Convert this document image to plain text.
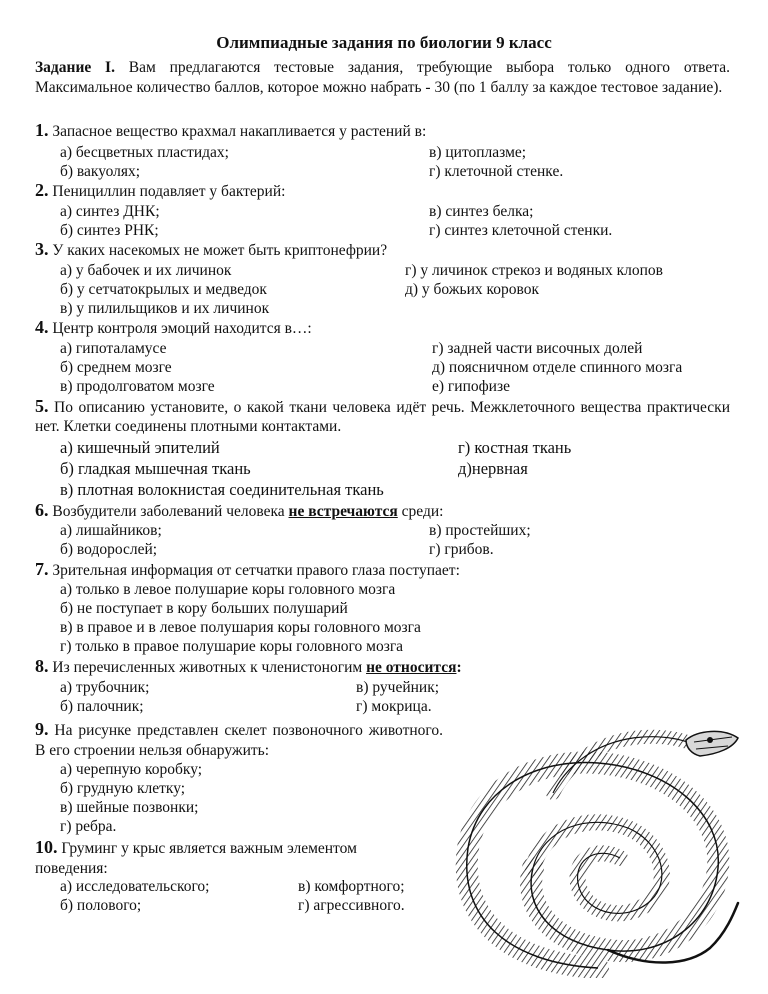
Олимпиадные задания по биологии 9 класс
Задание I. Вам предлагаются тестовые задания, требующие выбора только одного ответа. Максимальное количество баллов, которое можно набрать - 30 (по 1 баллу за каждое тестовое задание).
1. Запасное вещество крахмал накапливается у растений в:
а) бесцветных пластидах;
б) вакуолях;
в) цитоплазме;
г) клеточной стенке.
2. Пенициллин подавляет у бактерий:
а) синтез ДНК;
б) синтез РНК;
в) синтез белка;
г) синтез клеточной стенки.
3. У каких насекомых не может быть криптонефрии?
а) у бабочек и их личинок
б) у сетчатокрылых и медведок
в) у пилильщиков и их личинок
г) у личинок стрекоз и водяных клопов
д) у божьих коровок
4. Центр контроля эмоций находится в…:
а) гипоталамусе
б) среднем мозге
в) продолговатом мозге
г) задней части височных долей
д) поясничном отделе спинного мозга
е) гипофизе
5. По описанию установите, о какой ткани человека идёт речь. Межклеточного вещества практически нет. Клетки соединены плотными контактами.
а) кишечный эпителий
б) гладкая мышечная ткань
в) плотная волокнистая соединительная ткань
г) костная ткань
д)нервная
6. Возбудители заболеваний человека не встречаются среди:
а) лишайников;
б) водорослей;
в) простейших;
г) грибов.
7. Зрительная информация от сетчатки правого глаза поступает:
а) только в левое полушарие коры головного мозга
б) не поступает в кору больших полушарий
в) в правое и в левое полушария коры головного мозга
г) только в правое полушарие коры головного мозга
8. Из перечисленных животных к членистоногим не относится:
а) трубочник;
б) палочник;
в) ручейник;
г) мокрица.
9. На рисунке представлен скелет позвоночного животного. В его строении нельзя обнаружить:
а) черепную коробку;
б) грудную клетку;
в) шейные позвонки;
г) ребра.
10. Груминг у крыс является важным элементом поведения:
а) исследовательского;
б) полового;
в) комфортного;
г) агрессивного.
